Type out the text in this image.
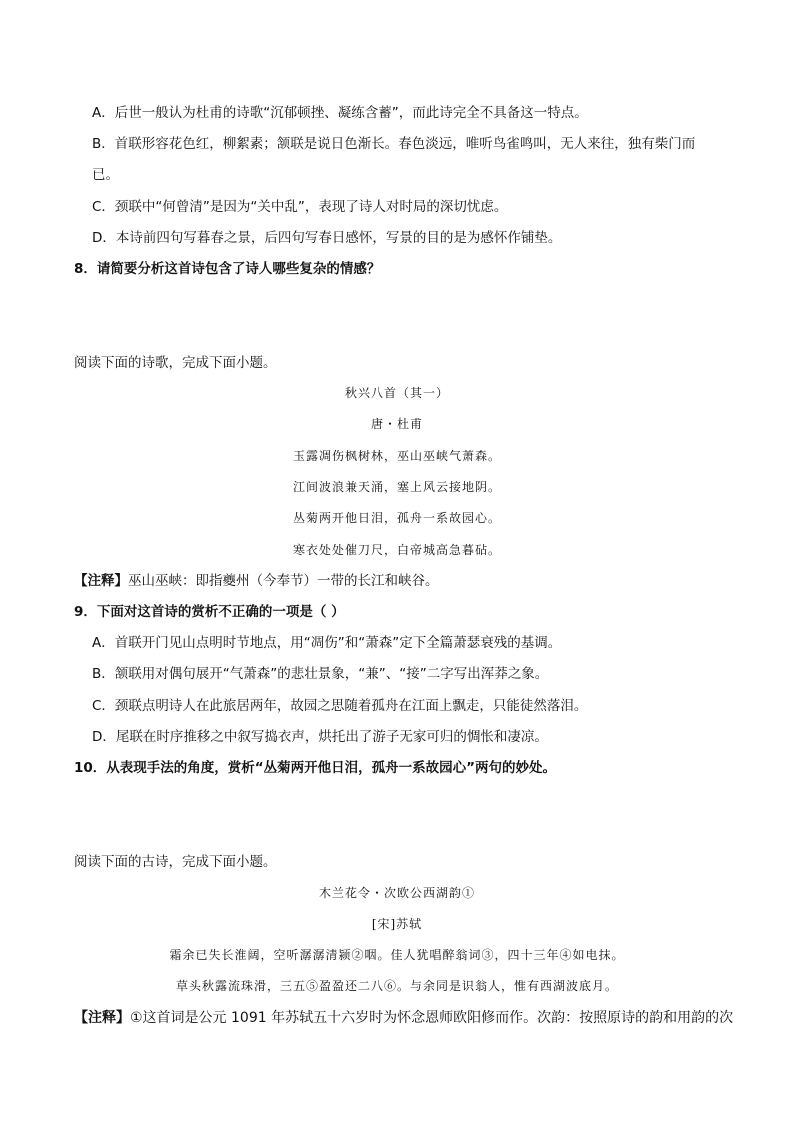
A．后世一般认为杜甫的诗歌“沉郁顿挫、凝练含蓄”，而此诗完全不具备这一特点。
B．首联形容花色红，柳絮素；颔联是说日色渐长。春色淡远，唯听鸟雀鸣叫，无人来往，独有柴门而
已。
C．颈联中“何曾清”是因为“关中乱”，表现了诗人对时局的深切忧虑。
D．本诗前四句写暮春之景，后四句写春日感怀，写景的目的是为感怀作铺垫。
8．请简要分析这首诗包含了诗人哪些复杂的情感？
阅读下面的诗歌，完成下面小题。
秋兴八首（其一）
唐・杜甫
玉露凋伤枫树林，巫山巫峡气萧森。
江间波浪兼天涌，塞上风云接地阴。
丛菊两开他日泪，孤舟一系故园心。
寒衣处处催刀尺，白帝城高急暮砧。
【注释】巫山巫峡：即指夔州（今奉节）一带的长江和峡谷。
9．下面对这首诗的赏析不正确的一项是（ ）
A．首联开门见山点明时节地点，用“凋伤”和“萧森”定下全篇萧瑟衰残的基调。
B．颔联用对偶句展开“气萧森”的悲壮景象，“兼”、“接”二字写出浑莽之象。
C．颈联点明诗人在此旅居两年，故园之思随着孤舟在江面上飘走，只能徒然落泪。
D．尾联在时序推移之中叙写捣衣声，烘托出了游子无家可归的惆怅和凄凉。
10．从表现手法的角度，赏析“丛菊两开他日泪，孤舟一系故园心”两句的妙处。
阅读下面的古诗，完成下面小题。
木兰花令・次欧公西湖韵①
[宋]苏轼
霜余已失长淮阔，空听潺潺清颍②咽。佳人犹唱醉翁词③，四十三年④如电抹。
草头秋露流珠滑，三五⑤盈盈还二八⑥。与余同是识翁人，惟有西湖波底月。
【注释】①这首词是公元 1091 年苏轼五十六岁时为怀念恩师欧阳修而作。次韵：按照原诗的韵和用韵的次
